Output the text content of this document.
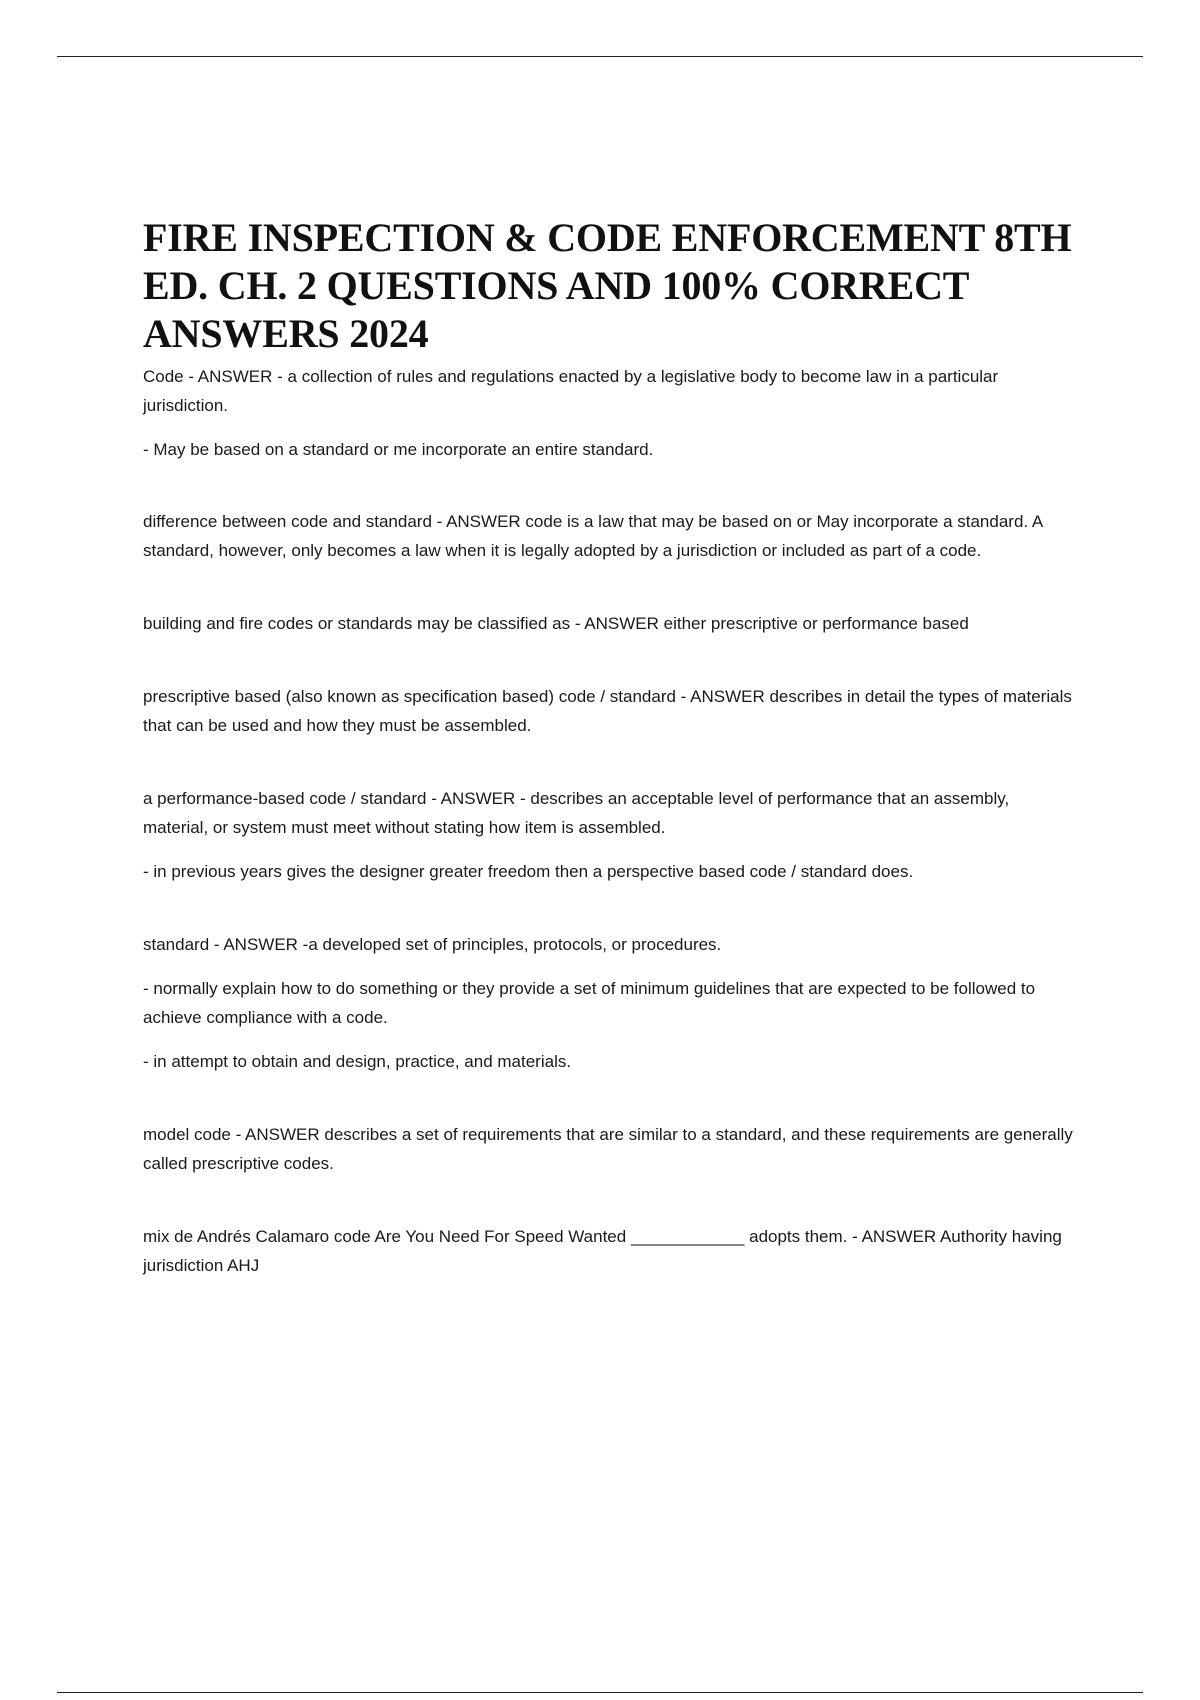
FIRE INSPECTION & CODE ENFORCEMENT 8TH ED. CH. 2 QUESTIONS AND 100% CORRECT ANSWERS 2024

Code - ANSWER - a collection of rules and regulations enacted by a legislative body to become law in a particular jurisdiction.

- May be based on a standard or me incorporate an entire standard.

difference between code and standard - ANSWER code is a law that may be based on or May incorporate a standard. A standard, however, only becomes a law when it is legally adopted by a jurisdiction or included as part of a code.

building and fire codes or standards may be classified as - ANSWER either prescriptive or performance based

prescriptive based (also known as specification based) code / standard - ANSWER describes in detail the types of materials that can be used and how they must be assembled.

a performance-based code / standard - ANSWER - describes an acceptable level of performance that an assembly, material, or system must meet without stating how item is assembled.

- in previous years gives the designer greater freedom then a perspective based code / standard does.

standard - ANSWER -a developed set of principles, protocols, or procedures.

- normally explain how to do something or they provide a set of minimum guidelines that are expected to be followed to achieve compliance with a code.

- in attempt to obtain and design, practice, and materials.

model code - ANSWER describes a set of requirements that are similar to a standard, and these requirements are generally called prescriptive codes.

mix de Andrés Calamaro code Are You Need For Speed Wanted ____________ adopts them. - ANSWER Authority having jurisdiction AHJ
